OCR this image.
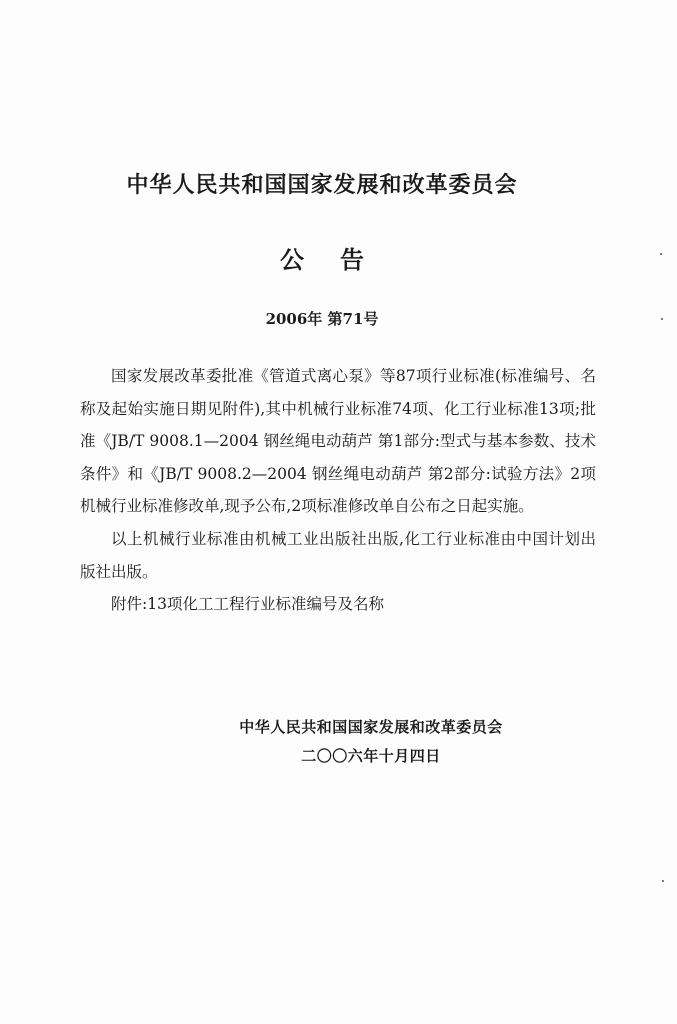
中华人民共和国国家发展和改革委员会
公告
2006年 第71号

国家发展改革委批准《管道式离心泵》等87项行业标准(标准编号、名称及起始实施日期见附件),其中机械行业标准74项、化工行业标准13项;批准《JB/T 9008.1—2004 钢丝绳电动葫芦 第1部分:型式与基本参数、技术条件》和《JB/T 9008.2—2004 钢丝绳电动葫芦 第2部分:试验方法》2项机械行业标准修改单,现予公布,2项标准修改单自公布之日起实施。

以上机械行业标准由机械工业出版社出版,化工行业标准由中国计划出版社出版。

附件:13项化工工程行业标准编号及名称

中华人民共和国国家发展和改革委员会
二〇〇六年十月四日
